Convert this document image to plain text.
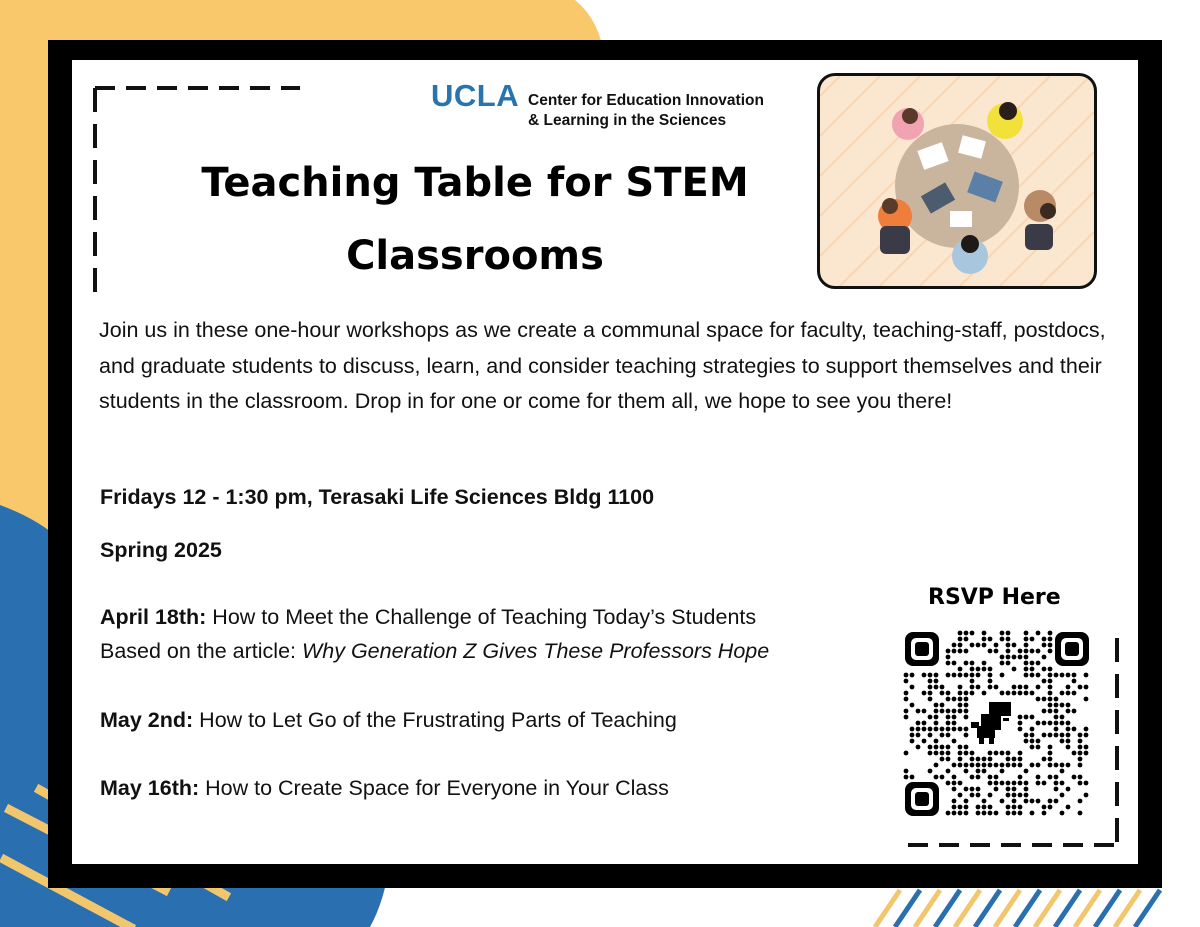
UCLA Center for Education Innovation
& Learning in the Sciences
Teaching Table for STEM
Classrooms
Join us in these one-hour workshops as we create a communal space for faculty, teaching-staff, postdocs, and graduate students to discuss, learn, and consider teaching strategies to support themselves and their students in the classroom. Drop in for one or come for them all, we hope to see you there!
Fridays 12 - 1:30 pm, Terasaki Life Sciences Bldg 1100
Spring 2025
April 18th: How to Meet the Challenge of Teaching Today’s Students
Based on the article: Why Generation Z Gives These Professors Hope
May 2nd: How to Let Go of the Frustrating Parts of Teaching
May 16th: How to Create Space for Everyone in Your Class
RSVP Here
